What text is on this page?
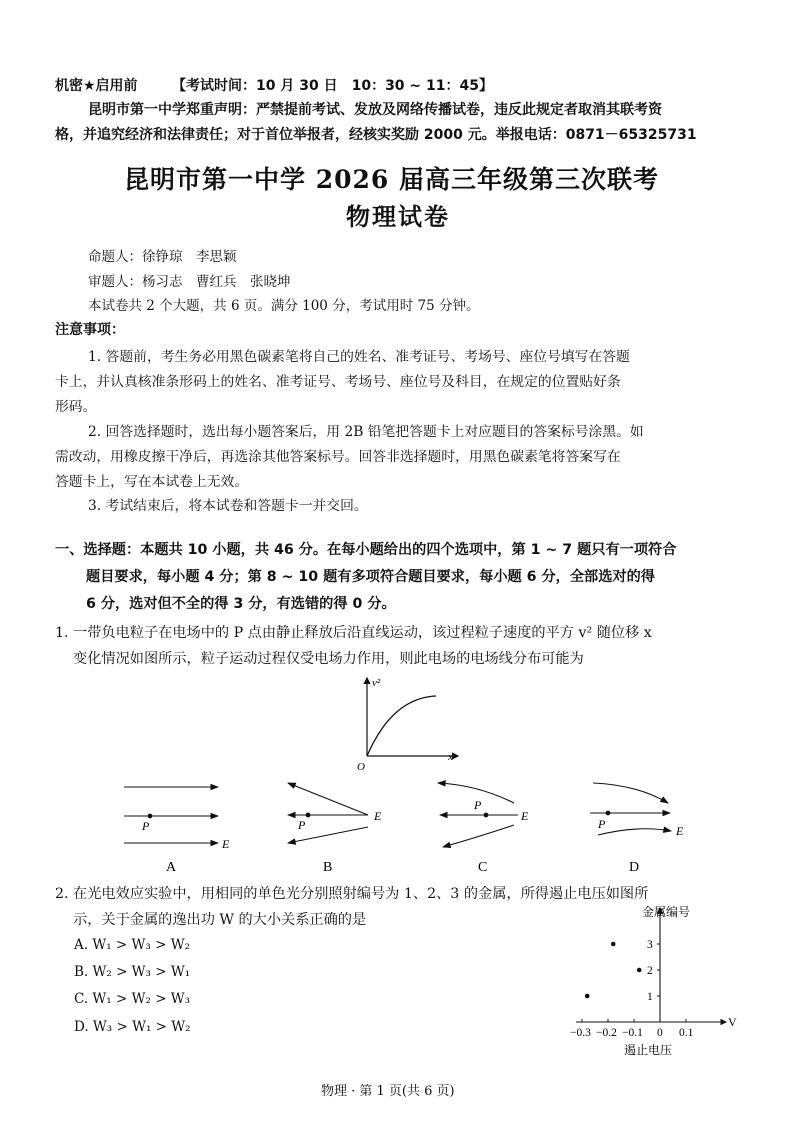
机密★启用前 【考试时间：10 月 30 日　10：30 ~ 11：45】
昆明市第一中学郑重声明：严禁提前考试、发放及网络传播试卷，违反此规定者取消其联考资
格，并追究经济和法律责任；对于首位举报者，经核实奖励 2000 元。举报电话：0871－65325731
昆明市第一中学 2026 届高三年级第三次联考
物理试卷
命题人：徐铮琼　李思颖
审题人：杨习志　曹红兵　张晓坤
本试卷共 2 个大题，共 6 页。满分 100 分，考试用时 75 分钟。
注意事项：
1. 答题前，考生务必用黑色碳素笔将自己的姓名、准考证号、考场号、座位号填写在答题
卡上，并认真核准条形码上的姓名、准考证号、考场号、座位号及科目，在规定的位置贴好条
形码。
2. 回答选择题时，选出每小题答案后，用 2B 铅笔把答题卡上对应题目的答案标号涂黑。如
需改动，用橡皮擦干净后，再选涂其他答案标号。回答非选择题时，用黑色碳素笔将答案写在
答题卡上，写在本试卷上无效。
3. 考试结束后，将本试卷和答题卡一并交回。
一、选择题：本题共 10 小题，共 46 分。在每小题给出的四个选项中，第 1 ~ 7 题只有一项符合
题目要求，每小题 4 分；第 8 ~ 10 题有多项符合题目要求，每小题 6 分，全部选对的得
6 分，选对但不全的得 3 分，有选错的得 0 分。
1. 一带负电粒子在电场中的 P 点由静止释放后沿直线运动，该过程粒子速度的平方 v² 随位移 x
变化情况如图所示，粒子运动过程仅受电场力作用，则此电场的电场线分布可能为
v²
x
O
P
E
A
P
E
B
P
E
C
P	E
D
2. 在光电效应实验中，用相同的单色光分别照射编号为 1、2、3 的金属，所得遏止电压如图所
示，关于金属的逸出功 W 的大小关系正确的是
A. W₁ > W₃ > W₂
B. W₂ > W₃ > W₁
C. W₁ > W₂ > W₃
D. W₃ > W₁ > W₂
金属编号
V
遏止电压
−0.3 −0.2 −0.1 0 0.1
1
2
3
物理 · 第 1 页(共 6 页)
